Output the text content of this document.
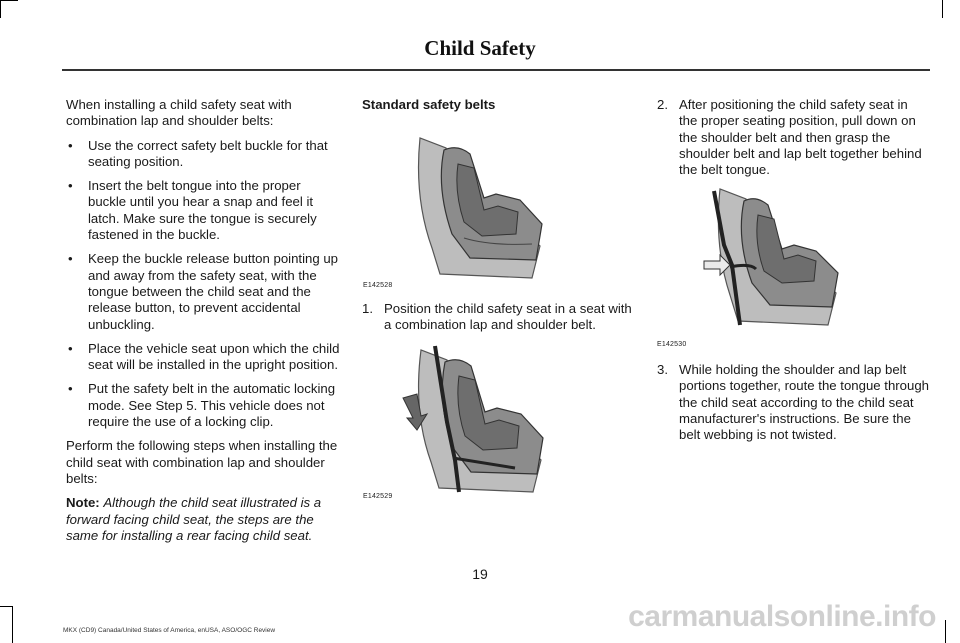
Child Safety

When installing a child safety seat with combination lap and shoulder belts:

• Use the correct safety belt buckle for that seating position.
• Insert the belt tongue into the proper buckle until you hear a snap and feel it latch. Make sure the tongue is securely fastened in the buckle.
• Keep the buckle release button pointing up and away from the safety seat, with the tongue between the child seat and the release button, to prevent accidental unbuckling.
• Place the vehicle seat upon which the child seat will be installed in the upright position.
• Put the safety belt in the automatic locking mode. See Step 5. This vehicle does not require the use of a locking clip.

Perform the following steps when installing the child seat with combination lap and shoulder belts:

Note: Although the child seat illustrated is a forward facing child seat, the steps are the same for installing a rear facing child seat.

Standard safety belts

E142528
1. Position the child safety seat in a seat with a combination lap and shoulder belt.
E142529
2. After positioning the child safety seat in the proper seating position, pull down on the shoulder belt and then grasp the shoulder belt and lap belt together behind the belt tongue.
E142530
3. While holding the shoulder and lap belt portions together, route the tongue through the child seat according to the child seat manufacturer's instructions. Be sure the belt webbing is not twisted.
19
MKX (CD9) Canada/United States of America, enUSA, ASO/OGC Review	carmanualsonline.info
